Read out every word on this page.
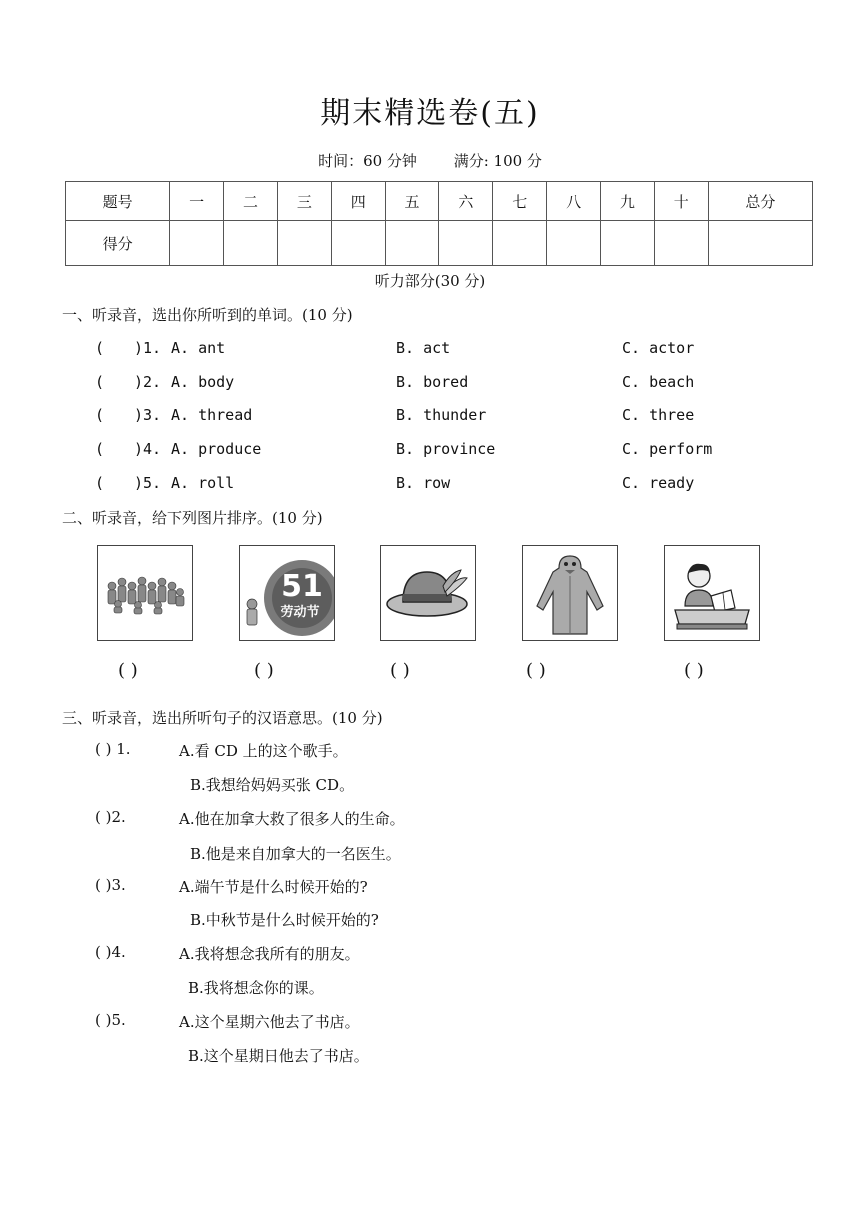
期末精选卷(五)
时间：60 分钟 满分: 100 分
题号	一	二	三	四	五	六	七	八	九	十	总分
得分											
听力部分(30 分)
一、听录音，选出你所听到的单词。(10 分)
( )1. A. ant	B. act	C. actor
( )2. A. body	B. bored	C. beach
( )3. A. thread	B. thunder	C. three
( )4. A. produce	B. province	C. perform
( )5. A. roll	B. row	C. ready
二、听录音，给下列图片排序。(10 分)
51
劳动节
( )	( )	( )	( )	( )
三、听录音，选出所听句子的汉语意思。(10 分)
( ) 1.	A.看 CD 上的这个歌手。
B.我想给妈妈买张 CD。
( )2.	A.他在加拿大救了很多人的生命。
B.他是来自加拿大的一名医生。
( )3.	A.端午节是什么时候开始的?
B.中秋节是什么时候开始的?
( )4.	A.我将想念我所有的朋友。
B.我将想念你的课。
( )5.	A.这个星期六他去了书店。
B.这个星期日他去了书店。
